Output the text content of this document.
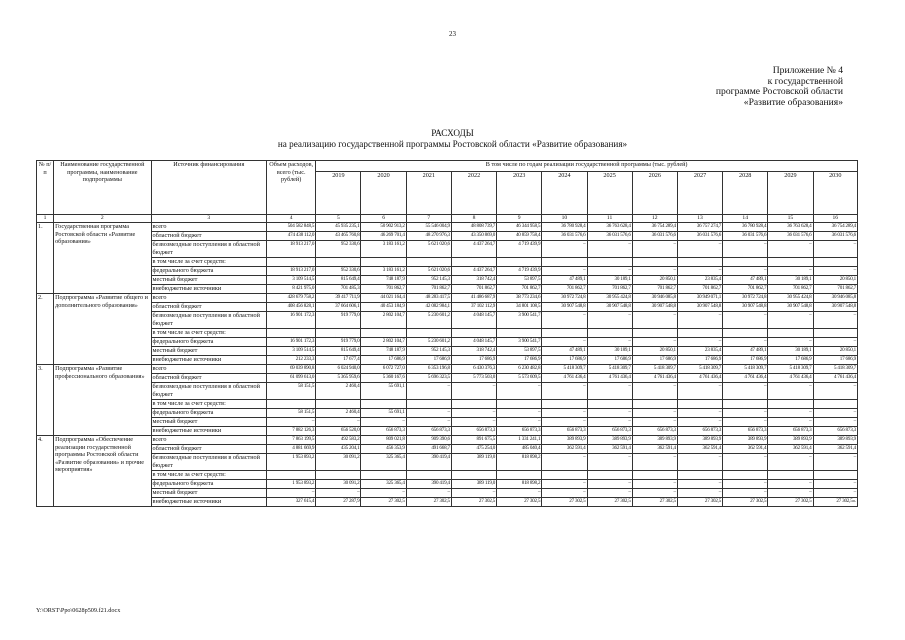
23
Приложение № 4
к государственной
программе Ростовской области
«Развитие образования»
РАСХОДЫ
на реализацию государственной программы Ростовской области «Развитие образования»
№ п/п	Наименование государственной программы, наименование подпрограммы	Источник финансирования	Объем расходов, всего (тыс. рублей)	В том числе по годам реализации государственной программы (тыс. рублей)											
				2019	2020	2021	2022	2023	2024	2025	2026	2027	2028	2029	2030
1	2	3	4	5	6	7	8	9	10	11	12	13	14	15	16
1.	Государственная программа Ростовской области «Развитие образования»	всего	504 582 848,5	45 935 235,1	50 902 913,2	55 546 004,9	48 808 739,7	46 344 958,5	36 780 928,4	36 763 628,4	36 754 289,4	36 757 274,7	36 780 928,4	36 763 628,4	36 754 289,4
		областной бюджет	474 438 112,0	43 465 760,8	46 269 701,4	48 270 976,3	43 350 869,0	40 859 758,4	36 031 576,6	36 031 576,6	36 031 576,6	36 031 576,6	36 031 576,6	36 031 576,6	36 031 576,6
		безвозмездные поступления в областной бюджет	18 913 217,0	952 330,6	3 183 161,2	5 621 020,6	4 437 264,7	4 719 439,9	–	–	–	–	–	–	–
		в том числе за счет средств:													
		федерального бюджета	18 913 217,0	952 330,6	3 183 161,2	5 621 020,6	4 437 264,7	4 719 439,9	–	–	–	–	–	–	–
		местный бюджет	3 109 514,5	815 649,4	748 187,9	952 145,3	318 742,4	53 897,5	47 489,1	30 189,1	20 850,1	23 835,4	47 489,1	30 189,1	20 850,1
		внебюджетные источники	8 421 975,0	701 485,3	701 862,7	701 862,7	701 862,7	701 862,7	701 862,7	701 862,7	701 862,7	701 862,7	701 862,7	701 862,7	701 862,7
2.	Подпрограмма «Развитие общего и дополнительного образования»	всего	428 679 758,2	39 417 711,9	44 021 164,4	48 283 417,5	41 486 687,9	38 773 234,6	30 972 724,8	30 955 424,8	30 946 085,8	30 949 071,1	30 972 724,8	30 955 424,8	30 946 085,8
		областной бюджет	408 456 828,1	37 664 606,1	40 453 184,9	42 082 984,1	37 102 112,9	34 801 108,5	30 907 548,8	30 907 548,8	30 907 548,8	30 907 548,8	30 907 548,8	30 907 548,8	30 907 548,8
		безвозмездные поступления в областной бюджет	16 901 172,3	919 779,0	2 802 104,7	5 230 601,2	4 048 145,7	3 900 541,7	–	–	–	–	–	–	–
		в том числе за счет средств:													
		федерального бюджета	16 901 172,3	919 779,0	2 802 104,7	5 230 601,2	4 048 145,7	3 900 541,7	–	–	–	–	–	–	–
		местный бюджет	3 109 514,5	815 649,4	748 187,9	952 145,3	318 742,4	53 897,5	47 489,1	30 189,1	20 850,1	23 835,4	47 489,1	30 189,1	20 850,1
		внебюджетные источники	212 233,3	17 677,4	17 686,9	17 686,9	17 686,9	17 686,9	17 686,9	17 686,9	17 686,9	17 686,9	17 686,9	17 686,9	17 686,9
3.	Подпрограмма «Развитие профессионального образования»	всего	69 039 890,8	6 024 940,0	6 072 727,0	6 353 196,8	6 430 376,3	6 230 482,8	5 418 309,7	5 418 309,7	5 418 309,7	5 418 309,7	5 418 309,7	5 418 309,7	5 418 309,7
		областной бюджет	61 099 613,0	5 365 959,6	5 360 167,6	5 696 323,5	5 773 503,0	5 573 609,5	4 761 436,4	4 761 436,4	4 761 436,4	4 761 436,4	4 761 436,4	4 761 436,4	4 761 436,4
		безвозмездные поступления в областной бюджет	58 151,5	2 460,4	55 691,1	–	–	–	–	–	–	–	–	–	–
		в том числе за счет средств:													
		федерального бюджета	58 151,5	2 460,4	55 691,1	–	–	–	–	–	–	–	–	–	–
		местный бюджет	–	–	–	–	–	–	–	–	–	–	–	–	–
		внебюджетные источники	7 882 126,3	656 520,0	656 873,3	656 873,3	656 873,3	656 873,3	656 873,3	656 873,3	656 873,3	656 873,3	656 873,3	656 873,3	656 873,3
4.	Подпрограмма «Обеспечение реализации государственной программы Ростовской области «Развитие образования» и прочие мероприятия»	всего	7 863 199,5	492 583,2	809 021,8	909 390,6	891 675,5	1 331 241,1	389 893,9	389 893,9	389 893,9	389 893,9	389 893,9	389 893,9	389 893,9
		областной бюджет	4 881 669,9	435 204,1	456 353,9	491 668,7	475 254,0	485 040,4	362 591,4	362 591,4	362 591,4	362 591,4	362 591,4	362 591,4	362 591,4
		безвозмездные поступления в областной бюджет	1 953 893,2	30 091,2	325 365,4	390 419,4	389 119,0	818 898,2	–	–	–	–	–	–	–
		в том числе за счет средств:													
		федерального бюджета	1 953 893,2	30 091,2	325 365,4	390 419,4	389 119,0	818 898,2	–	–	–	–	–	–	–
		местный бюджет	–	–	–	–	–	–	–	–	–	–	–	–	–
		внебюджетные источники	327 615,4	27 287,9	27 302,5	27 302,5	27 302,5	27 302,5	27 302,5	27 302,5	27 302,5	27 302,5	27 302,5	27 302,5	27 302,5».
Y:\ORST\Ppo\0628p509.f21.docx
